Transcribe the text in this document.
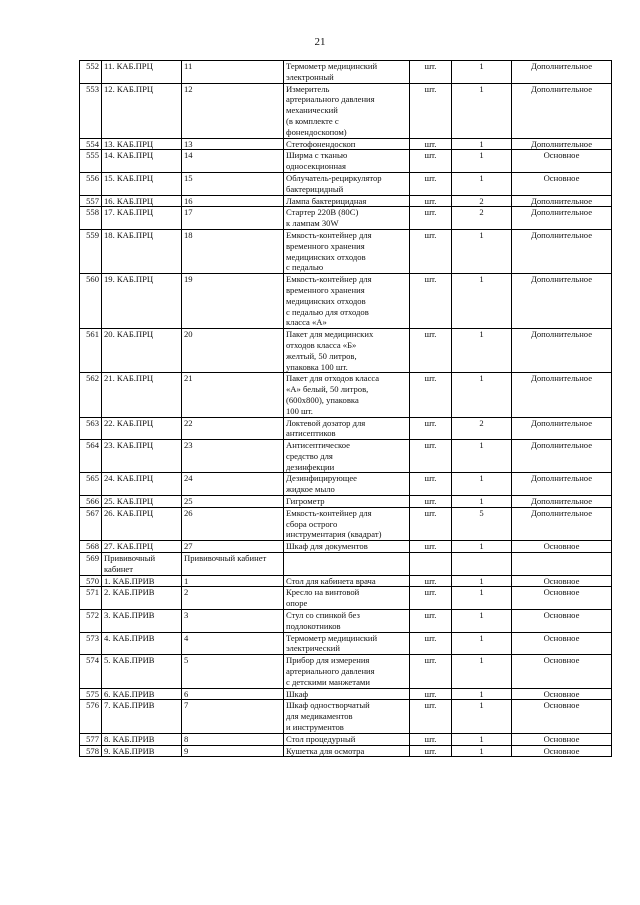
21
552	11. КАБ.ПРЦ	11	Термометр медицинский
электронный	шт.	1	Дополнительное
553	12. КАБ.ПРЦ	12	Измеритель
артериального давления
механический
(в комплекте с
фонендоскопом)	шт.	1	Дополнительное
554	13. КАБ.ПРЦ	13	Стетофонендоскоп	шт.	1	Дополнительное
555	14. КАБ.ПРЦ	14	Ширма с тканью
односекционная	шт.	1	Основное
556	15. КАБ.ПРЦ	15	Облучатель-рециркулятор
бактерицидный	шт.	1	Основное
557	16. КАБ.ПРЦ	16	Лампа бактерицидная	шт.	2	Дополнительное
558	17. КАБ.ПРЦ	17	Стартер 220В (80С)
к лампам 30W	шт.	2	Дополнительное
559	18. КАБ.ПРЦ	18	Емкость-контейнер для
временного хранения
медицинских отходов
с педалью	шт.	1	Дополнительное
560	19. КАБ.ПРЦ	19	Емкость-контейнер для
временного хранения
медицинских отходов
с педалью для отходов
класса «А»	шт.	1	Дополнительное
561	20. КАБ.ПРЦ	20	Пакет для медицинских
отходов класса «Б»
желтый, 50 литров,
упаковка 100 шт.	шт.	1	Дополнительное
562	21. КАБ.ПРЦ	21	Пакет для отходов класса
«А» белый, 50 литров,
(600х800), упаковка
100 шт.	шт.	1	Дополнительное
563	22. КАБ.ПРЦ	22	Локтевой дозатор для
антисептиков	шт.	2	Дополнительное
564	23. КАБ.ПРЦ	23	Антисептическое
средство для
дезинфекции	шт.	1	Дополнительное
565	24. КАБ.ПРЦ	24	Дезинфицирующее
жидкое мыло	шт.	1	Дополнительное
566	25. КАБ.ПРЦ	25	Гигрометр	шт.	1	Дополнительное
567	26. КАБ.ПРЦ	26	Емкость-контейнер для
сбора острого
инструментария (квадрат)	шт.	5	Дополнительное
568	27. КАБ.ПРЦ	27	Шкаф для документов	шт.	1	Основное
569	Прививочный кабинет	Прививочный кабинет				
570	1. КАБ.ПРИВ	1	Стол для кабинета врача	шт.	1	Основное
571	2. КАБ.ПРИВ	2	Кресло на винтовой
опоре	шт.	1	Основное
572	3. КАБ.ПРИВ	3	Стул со спинкой без
подлокотников	шт.	1	Основное
573	4. КАБ.ПРИВ	4	Термометр медицинский
электрический	шт.	1	Основное
574	5. КАБ.ПРИВ	5	Прибор для измерения
артериального давления
с детскими манжетами	шт.	1	Основное
575	6. КАБ.ПРИВ	6	Шкаф	шт.	1	Основное
576	7. КАБ.ПРИВ	7	Шкаф одностворчатый
для медикаментов
и инструментов	шт.	1	Основное
577	8. КАБ.ПРИВ	8	Стол процедурный	шт.	1	Основное
578	9. КАБ.ПРИВ	9	Кушетка для осмотра	шт.	1	Основное
